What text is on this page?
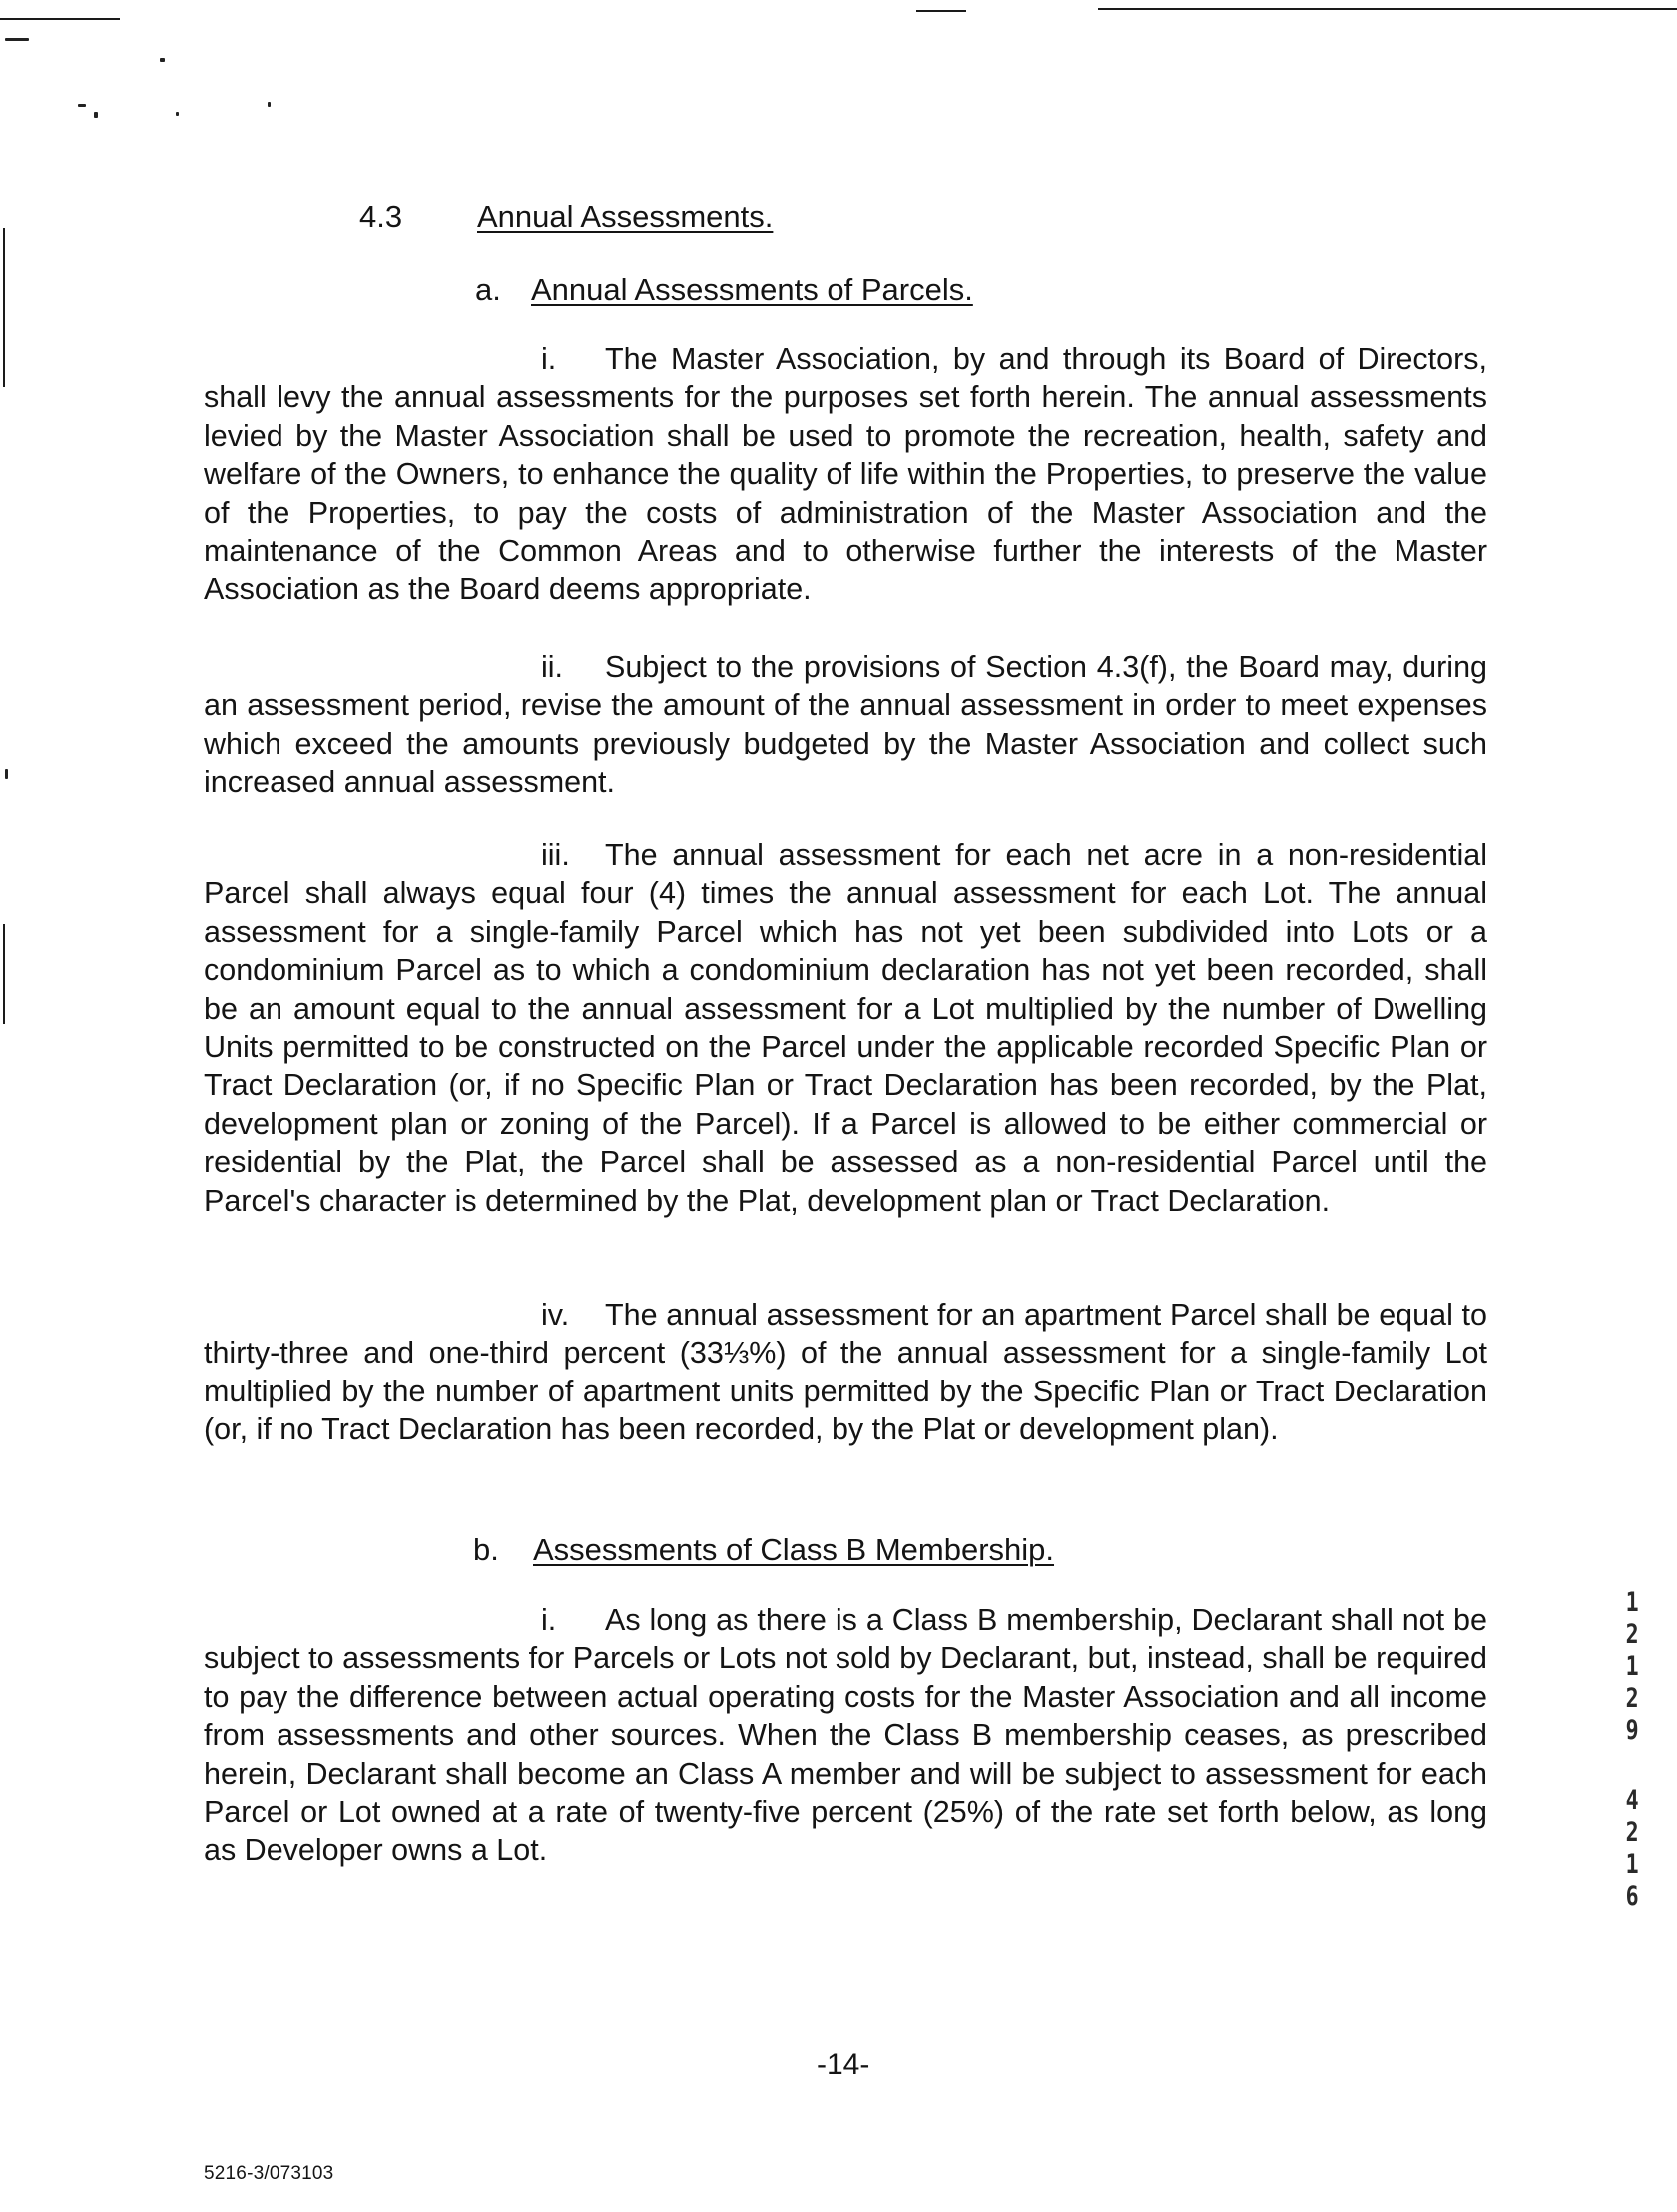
4.3 Annual Assessments.
a. Annual Assessments of Parcels.

i. The Master Association, by and through its Board of Directors, shall levy the annual assessments for the purposes set forth herein. The annual assessments levied by the Master Association shall be used to promote the recreation, health, safety and welfare of the Owners, to enhance the quality of life within the Properties, to preserve the value of the Properties, to pay the costs of administration of the Master Association and the maintenance of the Common Areas and to otherwise further the interests of the Master Association as the Board deems appropriate.

ii. Subject to the provisions of Section 4.3(f), the Board may, during an assessment period, revise the amount of the annual assessment in order to meet expenses which exceed the amounts previously budgeted by the Master Association and collect such increased annual assessment.

iii. The annual assessment for each net acre in a non-residential Parcel shall always equal four (4) times the annual assessment for each Lot. The annual assessment for a single-family Parcel which has not yet been subdivided into Lots or a condominium Parcel as to which a condominium declaration has not yet been recorded, shall be an amount equal to the annual assessment for a Lot multiplied by the number of Dwelling Units permitted to be constructed on the Parcel under the applicable recorded Specific Plan or Tract Declaration (or, if no Specific Plan or Tract Declaration has been recorded, by the Plat, development plan or zoning of the Parcel). If a Parcel is allowed to be either commercial or residential by the Plat, the Parcel shall be assessed as a non-residential Parcel until the Parcel's character is determined by the Plat, development plan or Tract Declaration.

iv. The annual assessment for an apartment Parcel shall be equal to thirty-three and one-third percent (33⅓%) of the annual assessment for a single-family Lot multiplied by the number of apartment units permitted by the Specific Plan or Tract Declaration (or, if no Tract Declaration has been recorded, by the Plat or development plan).

b. Assessments of Class B Membership.

i. As long as there is a Class B membership, Declarant shall not be subject to assessments for Parcels or Lots not sold by Declarant, but, instead, shall be required to pay the difference between actual operating costs for the Master Association and all income from assessments and other sources. When the Class B membership ceases, as prescribed herein, Declarant shall become an Class A member and will be subject to assessment for each Parcel or Lot owned at a rate of twenty-five percent (25%) of the rate set forth below, as long as Developer owns a Lot.

1
2
1
2
9
4
2
1
6
-14-
5216-3/073103
